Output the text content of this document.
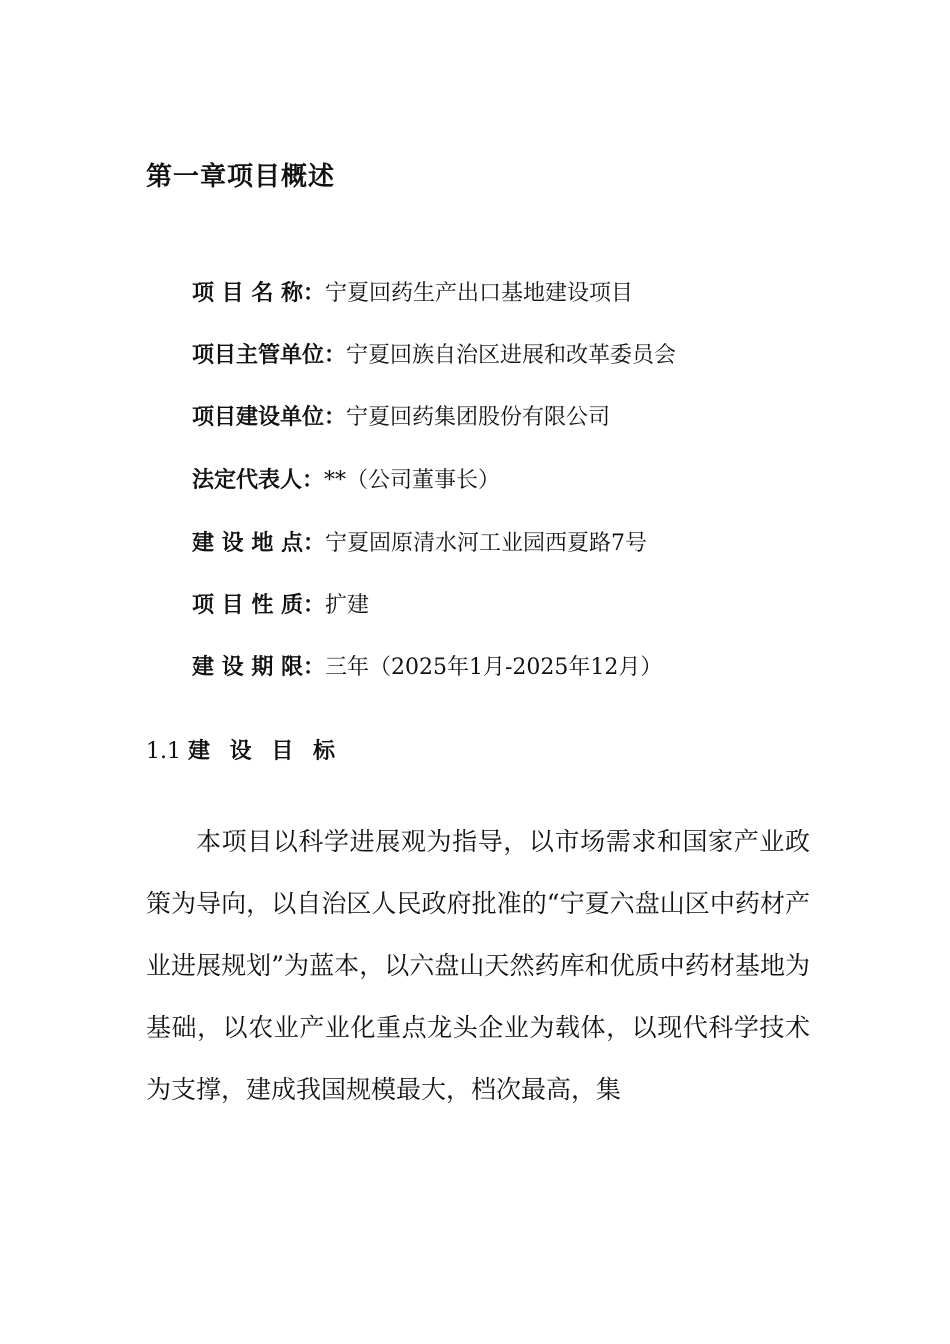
第一章项目概述
项 目 名 称：宁夏回药生产出口基地建设项目
项目主管单位：宁夏回族自治区进展和改革委员会
项目建设单位：宁夏回药集团股份有限公司
法定代表人：**（公司董事长）
建 设 地 点：宁夏固原清水河工业园西夏路7号
项 目 性 质：扩建
建 设 期 限：三年（2025年1月-2025年12月）
1.1 建 设 目 标

本项目以科学进展观为指导，以市场需求和国家产业政策为导向，以自治区人民政府批准的“宁夏六盘山区中药材产业进展规划”为蓝本，以六盘山天然药库和优质中药材基地为基础，以农业产业化重点龙头企业为载体，以现代科学技术为支撑，建成我国规模最大，档次最高，集
